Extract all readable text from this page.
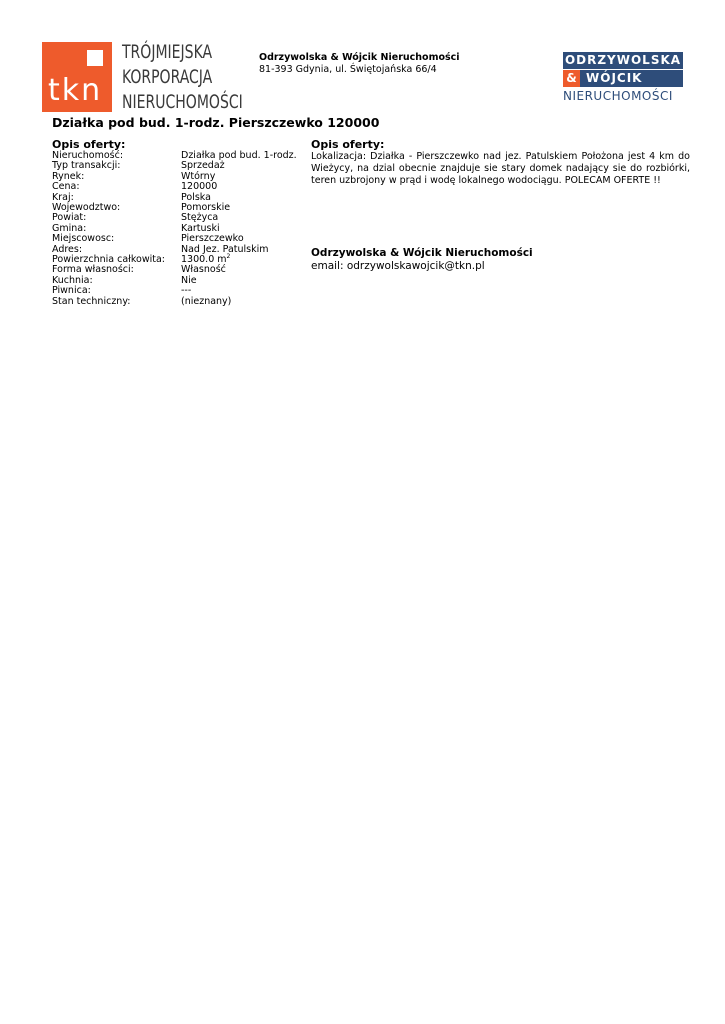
tkn
TRÓJMIEJSKA
KORPORACJA
NIERUCHOMOŚCI
Odrzywolska & Wójcik Nieruchomości
81-393 Gdynia, ul. Świętojańska 66/4
ODRZYWOLSKA
& WÓJCIK
NIERUCHOMOŚCI
Działka pod bud. 1-rodz. Pierszczewko 120000
Opis oferty:
Nieruchomość:	Działka pod bud. 1-rodz.
Typ transakcji:	Sprzedaż
Rynek:	Wtórny
Cena:	120000
Kraj:	Polska
Wojewodztwo:	Pomorskie
Powiat:	Stężyca
Gmina:	Kartuski
Miejscowosc:	Pierszczewko
Adres:	Nad Jez. Patulskim
Powierzchnia całkowita:	1300.0 $m^2$
Forma własności:	Własność
Kuchnia:	Nie
Piwnica:	---
Stan techniczny:	(nieznany)
Opis oferty:
Lokalizacja: Działka - Pierszczewko nad jez. Patulskiem Położona jest 4 km do Wieżycy, na dzial obecnie znajduje sie stary domek nadający sie do rozbiórki, teren uzbrojony w prąd i wodę lokalnego wodociągu. POLECAM OFERTE !!
Odrzywolska & Wójcik Nieruchomości
email: odrzywolskawojcik@tkn.pl
